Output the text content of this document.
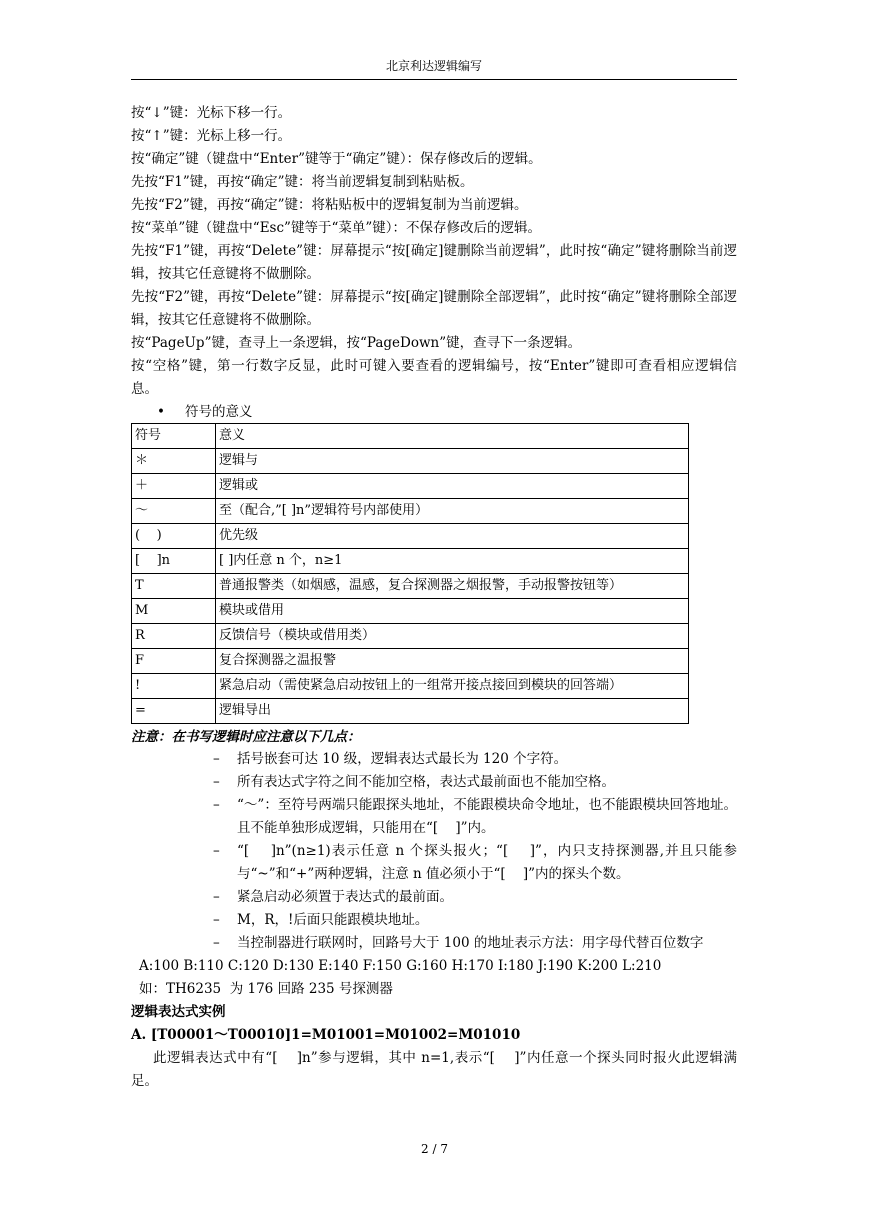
北京利达逻辑编写

按“↓”键：光标下移一行。

按“↑”键：光标上移一行。

按“确定”键（键盘中“Enter”键等于“确定”键）：保存修改后的逻辑。

先按“F1”键，再按“确定”键：将当前逻辑复制到粘贴板。

先按“F2”键，再按“确定”键：将粘贴板中的逻辑复制为当前逻辑。

按“菜单”键（键盘中“Esc”键等于“菜单”键）：不保存修改后的逻辑。

先按“F1”键，再按“Delete”键：屏幕提示“按[确定]键删除当前逻辑”，此时按“确定”键将删除当前逻辑，按其它任意键将不做删除。

先按“F2”键，再按“Delete”键：屏幕提示“按[确定]键删除全部逻辑”，此时按“确定”键将删除全部逻辑，按其它任意键将不做删除。

按“PageUp”键，查寻上一条逻辑，按“PageDown”键，查寻下一条逻辑。

按“空格”键，第一行数字反显，此时可键入要查看的逻辑编号，按“Enter”键即可查看相应逻辑信息。

• 符号的意义

符号	意义
＊	逻辑与
＋	逻辑或
～	至（配合,”[ ]n”逻辑符号内部使用）
(    )	优先级
[    ]n	[ ]内任意 n 个，n≥1
T	普通报警类（如烟感，温感，复合探测器之烟报警，手动报警按钮等）
M	模块或借用
R	反馈信号（模块或借用类）
F	复合探测器之温报警
!	紧急启动（需使紧急启动按钮上的一组常开接点接回到模块的回答端）
=	逻辑导出

注意：在书写逻辑时应注意以下几点：

– 括号嵌套可达 10 级，逻辑表达式最长为 120 个字符。
– 所有表达式字符之间不能加空格，表达式最前面也不能加空格。
– “～”：至符号两端只能跟探头地址，不能跟模块命令地址，也不能跟模块回答地址。且不能单独形成逻辑，只能用在“[    ]”内。
– “[    ]n”(n≥1)表示任意 n 个探头报火；“[    ]”，内只支持探测器,并且只能参与“~”和“+”两种逻辑，注意 n 值必须小于“[    ]”内的探头个数。
– 紧急启动必须置于表达式的最前面。
– M，R，!后面只能跟模块地址。
– 当控制器进行联网时，回路号大于 100 的地址表示方法：用字母代替百位数字

A:100 B:110 C:120 D:130 E:140 F:150 G:160 H:170 I:180 J:190 K:200 L:210

如：TH6235  为 176 回路 235 号探测器

逻辑表达式实例

A. [T00001～T00010]1=M01001=M01002=M01010

此逻辑表达式中有“[    ]n”参与逻辑，其中 n=1,表示“[    ]”内任意一个探头同时报火此逻辑满足。

2 / 7
